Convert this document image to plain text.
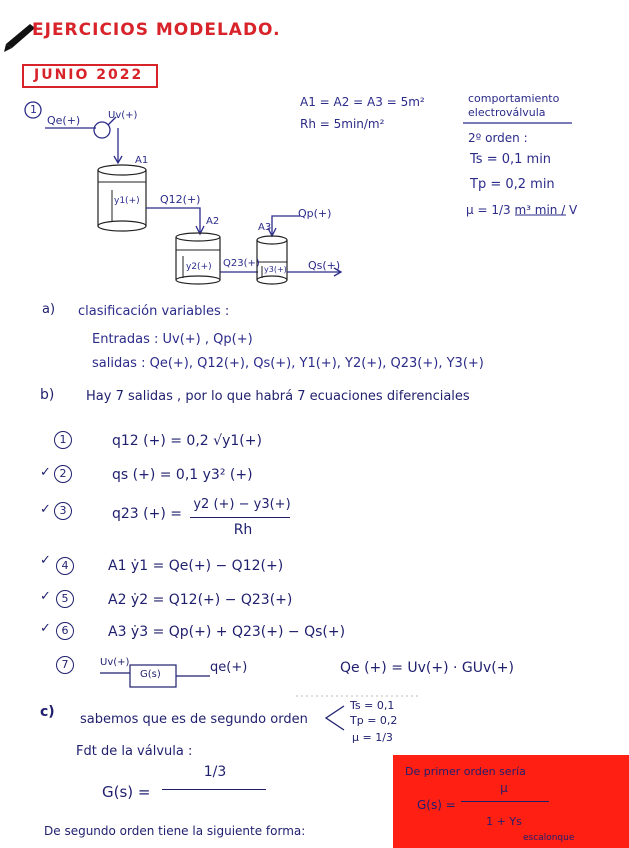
EJERCICIOS MODELADO.
JUNIO 2022
1
Qe(+)	Uv(+)
A1
y1(+) Q12(+)
A2
y2(+) Q23(+)
A3
Qp(+)
y3(+) Qs(+)
A1 = A2 = A3 = 5m²
Rh = 5min/m²
comportamiento
electroválvula
2º orden :
Ts = 0,1 min
Tp = 0,2 min
μ = 1/3 m³ min / V
a) clasificación variables :
Entradas : Uv(+) , Qp(+)
salidas : Qe(+), Q12(+), Qs(+), Y1(+), Y2(+), Q23(+), Y3(+)
b) Hay 7 salidas , por lo que habrá 7 ecuaciones diferenciales
1	q12 (+) = 0,2 √y1(+)
✓ 2	qs (+) = 0,1 y3² (+)
✓ 3	q23 (+) =
y2 (+) − y3(+)
Rh
✓ 4	A1 ẏ1 = Qe(+) − Q12(+)
✓ 5	A2 ẏ2 = Q12(+) − Q23(+)
✓ 6	A3 ẏ3 = Qp(+) + Q23(+) − Qs(+)
7	Uv(+)
G(s)	qe(+)	Qe (+) = Uv(+) · GUv(+)
c) sabemos que es de segundo orden
Ts = 0,1
Tp = 0,2
μ = 1/3
Fdt de la válvula :
G(s) =
1/3
De segundo orden tiene la siguiente forma:
De primer orden sería
G(s) =
μ
1 + Ys
escalonque
